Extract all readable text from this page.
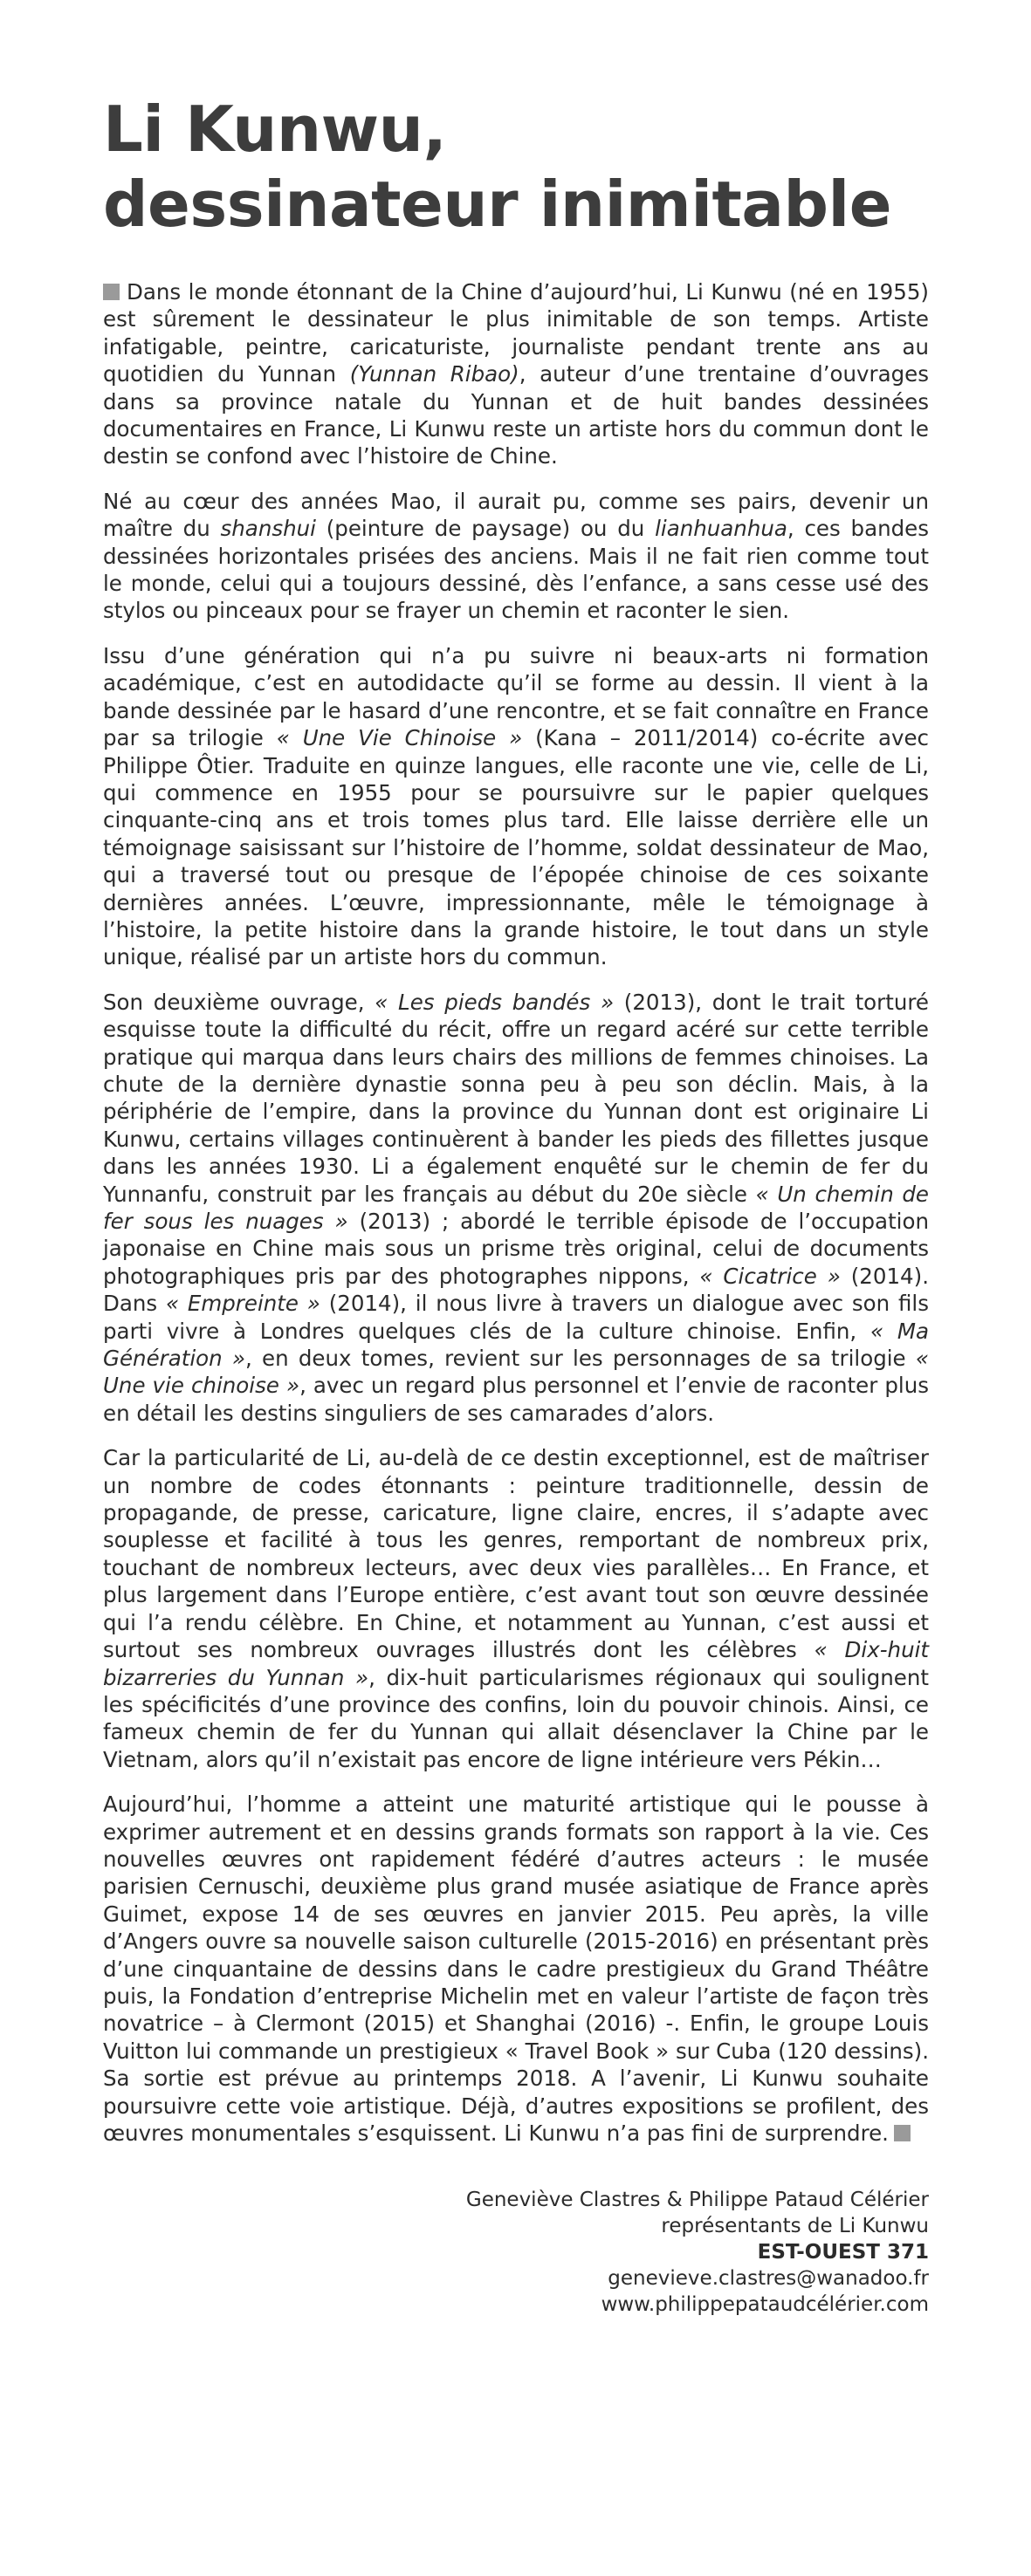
Li Kunwu,
dessinateur inimitable

Dans le monde étonnant de la Chine d’aujourd’hui, Li Kunwu (né en 1955) est sûrement le dessinateur le plus inimitable de son temps. Artiste infatigable, peintre, caricaturiste, journaliste pendant trente ans au quotidien du Yunnan (Yunnan Ribao), auteur d’une trentaine d’ouvrages dans sa province natale du Yunnan et de huit bandes dessinées documentaires en France, Li Kunwu reste un artiste hors du commun dont le destin se confond avec l’histoire de Chine.

Né au cœur des années Mao, il aurait pu, comme ses pairs, devenir un maître du shanshui (peinture de paysage) ou du lianhuanhua, ces bandes dessinées horizontales prisées des anciens. Mais il ne fait rien comme tout le monde, celui qui a toujours dessiné, dès l’enfance, a sans cesse usé des stylos ou pinceaux pour se frayer un chemin et raconter le sien.

Issu d’une génération qui n’a pu suivre ni beaux-arts ni formation académique, c’est en autodidacte qu’il se forme au dessin. Il vient à la bande dessinée par le hasard d’une rencontre, et se fait connaître en France par sa trilogie « Une Vie Chinoise » (Kana – 2011/2014) co-écrite avec Philippe Ôtier. Traduite en quinze langues, elle raconte une vie, celle de Li, qui commence en 1955 pour se poursuivre sur le papier quelques cinquante-cinq ans et trois tomes plus tard. Elle laisse derrière elle un témoignage saisissant sur l’histoire de l’homme, soldat dessinateur de Mao, qui a traversé tout ou presque de l’épopée chinoise de ces soixante dernières années. L’œuvre, impressionnante, mêle le témoignage à l’histoire, la petite histoire dans la grande histoire, le tout dans un style unique, réalisé par un artiste hors du commun.

Son deuxième ouvrage, « Les pieds bandés » (2013), dont le trait torturé esquisse toute la difficulté du récit, offre un regard acéré sur cette terrible pratique qui marqua dans leurs chairs des millions de femmes chinoises. La chute de la dernière dynastie sonna peu à peu son déclin. Mais, à la périphérie de l’empire, dans la province du Yunnan dont est originaire Li Kunwu, certains villages continuèrent à bander les pieds des fillettes jusque dans les années 1930. Li a également enquêté sur le chemin de fer du Yunnanfu, construit par les français au début du 20e siècle « Un chemin de fer sous les nuages » (2013) ; abordé le terrible épisode de l’occupation japonaise en Chine mais sous un prisme très original, celui de documents photographiques pris par des photographes nippons, « Cicatrice » (2014). Dans « Empreinte » (2014), il nous livre à travers un dialogue avec son fils parti vivre à Londres quelques clés de la culture chinoise. Enfin, « Ma Génération », en deux tomes, revient sur les personnages de sa trilogie « Une vie chinoise », avec un regard plus personnel et l’envie de raconter plus en détail les destins singuliers de ses camarades d’alors.

Car la particularité de Li, au-delà de ce destin exceptionnel, est de maîtriser un nombre de codes étonnants : peinture traditionnelle, dessin de propagande, de presse, caricature, ligne claire, encres, il s’adapte avec souplesse et facilité à tous les genres, remportant de nombreux prix, touchant de nombreux lecteurs, avec deux vies parallèles… En France, et plus largement dans l’Europe entière, c’est avant tout son œuvre dessinée qui l’a rendu célèbre. En Chine, et notamment au Yunnan, c’est aussi et surtout ses nombreux ouvrages illustrés dont les célèbres « Dix-huit bizarreries du Yunnan », dix-huit particularismes régionaux qui soulignent les spécificités d’une province des confins, loin du pouvoir chinois. Ainsi, ce fameux chemin de fer du Yunnan qui allait désenclaver la Chine par le Vietnam, alors qu’il n’existait pas encore de ligne intérieure vers Pékin…

Aujourd’hui, l’homme a atteint une maturité artistique qui le pousse à exprimer autrement et en dessins grands formats son rapport à la vie. Ces nouvelles œuvres ont rapidement fédéré d’autres acteurs : le musée parisien Cernuschi, deuxième plus grand musée asiatique de France après Guimet, expose 14 de ses œuvres en janvier 2015. Peu après, la ville d’Angers ouvre sa nouvelle saison culturelle (2015-2016) en présentant près d’une cinquantaine de dessins dans le cadre prestigieux du Grand Théâtre puis, la Fondation d’entreprise Michelin met en valeur l’artiste de façon très novatrice – à Clermont (2015) et Shanghai (2016) -. Enfin, le groupe Louis Vuitton lui commande un prestigieux « Travel Book » sur Cuba (120 dessins). Sa sortie est prévue au printemps 2018. A l’avenir, Li Kunwu souhaite poursuivre cette voie artistique. Déjà, d’autres expositions se profilent, des œuvres monumentales s’esquissent. Li Kunwu n’a pas fini de surprendre.

Geneviève Clastres & Philippe Pataud Célérier
représentants de Li Kunwu
EST-OUEST 371
genevieve.clastres@wanadoo.fr
www.philippepataudcélérier.com
